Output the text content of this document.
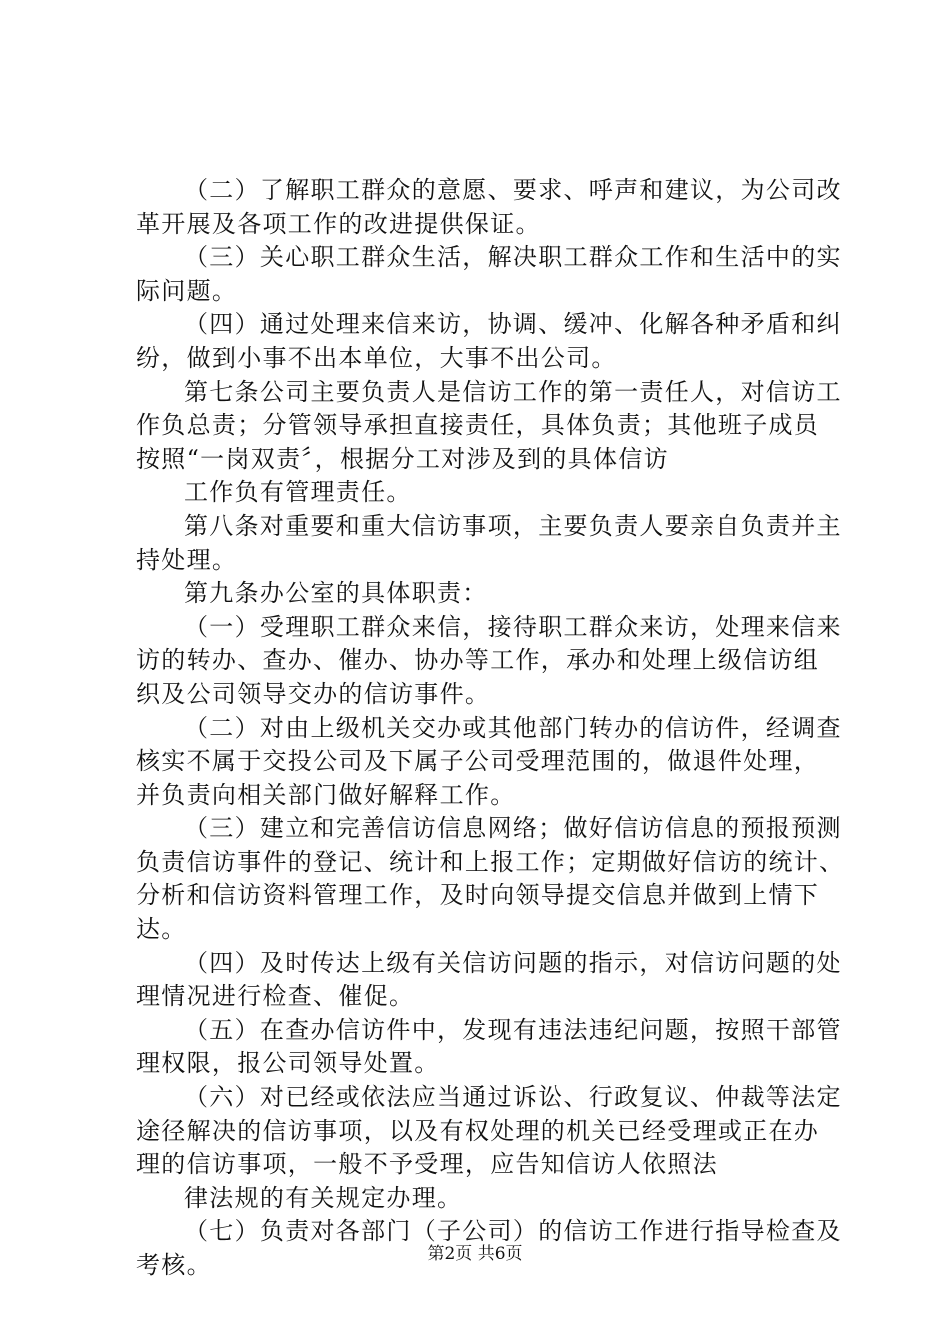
（二）了解职工群众的意愿、要求、呼声和建议，为公司改
革开展及各项工作的改进提供保证。
（三）关心职工群众生活，解决职工群众工作和生活中的实
际问题。
（四）通过处理来信来访，协调、缓冲、化解各种矛盾和纠
纷，做到小事不出本单位，大事不出公司。
第七条公司主要负责人是信访工作的第一责任人，对信访工
作负总责；分管领导承担直接责任，具体负责；其他班子成员
按照“一岗双责〞，根据分工对涉及到的具体信访
工作负有管理责任。
第八条对重要和重大信访事项，主要负责人要亲自负责并主
持处理。
第九条办公室的具体职责：
（一）受理职工群众来信，接待职工群众来访，处理来信来
访的转办、查办、催办、协办等工作，承办和处理上级信访组
织及公司领导交办的信访事件。
（二）对由上级机关交办或其他部门转办的信访件，经调查
核实不属于交投公司及下属子公司受理范围的，做退件处理，
并负责向相关部门做好解释工作。
（三）建立和完善信访信息网络；做好信访信息的预报预测
负责信访事件的登记、统计和上报工作；定期做好信访的统计、
分析和信访资料管理工作，及时向领导提交信息并做到上情下
达。
（四）及时传达上级有关信访问题的指示，对信访问题的处
理情况进行检查、催促。
（五）在查办信访件中，发现有违法违纪问题，按照干部管
理权限，报公司领导处置。
（六）对已经或依法应当通过诉讼、行政复议、仲裁等法定
途径解决的信访事项，以及有权处理的机关已经受理或正在办
理的信访事项，一般不予受理，应告知信访人依照法
律法规的有关规定办理。
（七）负责对各部门（子公司）的信访工作进行指导检查及
考核。	第2页 共6页
